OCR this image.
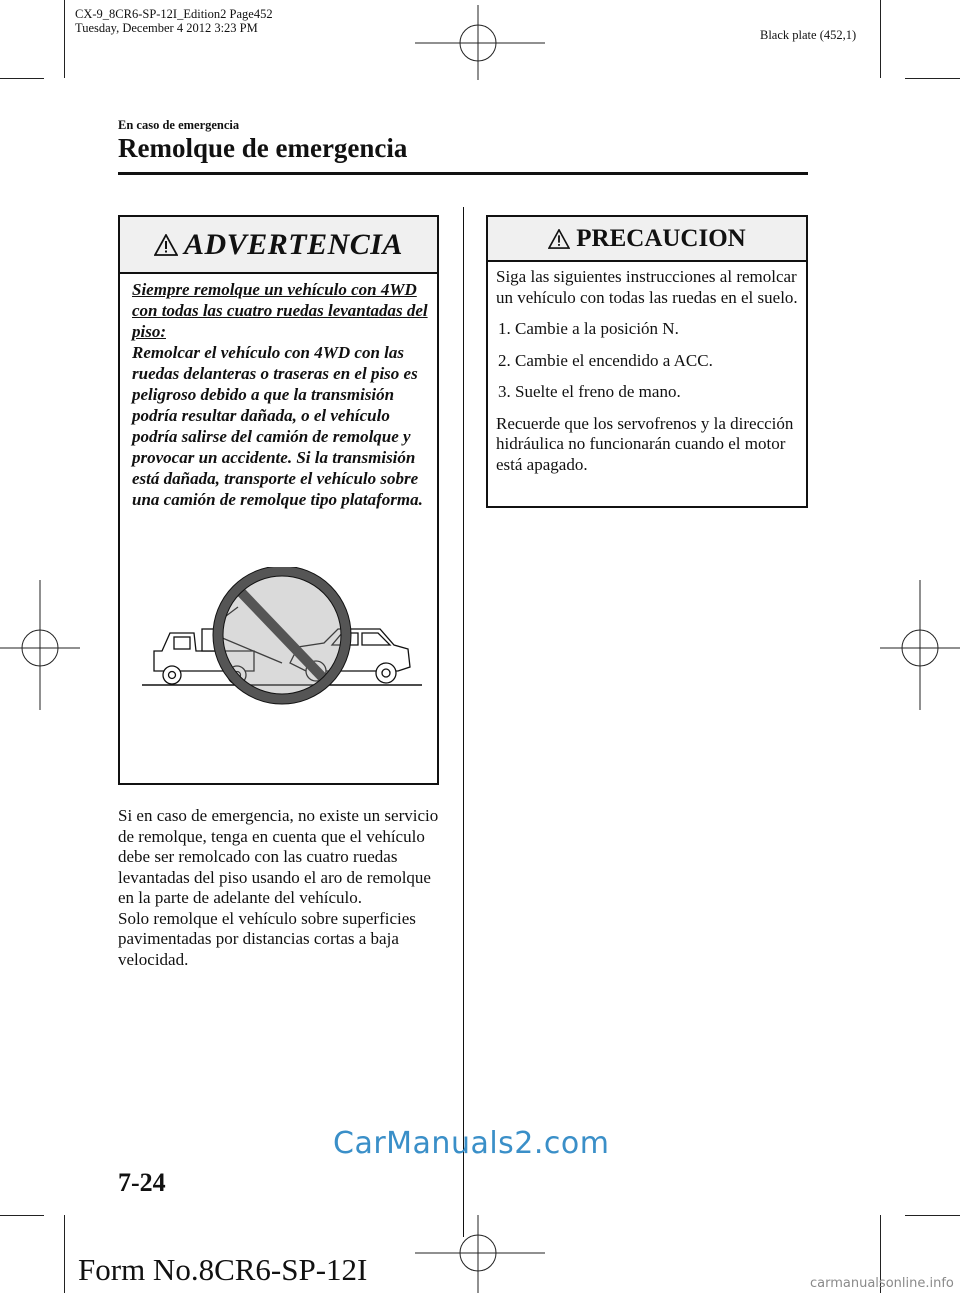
CX-9_8CR6-SP-12I_Edition2 Page452
Tuesday, December 4 2012 3:23 PM	Black plate (452,1)
En caso de emergencia
Remolque de emergencia
ADVERTENCIA

Siempre remolque un vehículo con 4WD con todas las cuatro ruedas levantadas del piso:

Remolcar el vehículo con 4WD con las ruedas delanteras o traseras en el piso es peligroso debido a que la transmisión podría resultar dañada, o el vehículo podría salirse del camión de remolque y provocar un accidente. Si la transmisión está dañada, transporte el vehículo sobre una camión de remolque tipo plataforma.

Si en caso de emergencia, no existe un servicio de remolque, tenga en cuenta que el vehículo debe ser remolcado con las cuatro ruedas levantadas del piso usando el aro de remolque en la parte de adelante del vehículo.

Solo remolque el vehículo sobre superficies pavimentadas por distancias cortas a baja velocidad.

PRECAUCION

Siga las siguientes instrucciones al remolcar un vehículo con todas las ruedas en el suelo.

1. Cambie a la posición N.

2. Cambie el encendido a ACC.

3. Suelte el freno de mano.

Recuerde que los servofrenos y la dirección hidráulica no funcionarán cuando el motor está apagado.

CarManuals2.com
7-24
Form No.8CR6-SP-12I	carmanualsonline.info
